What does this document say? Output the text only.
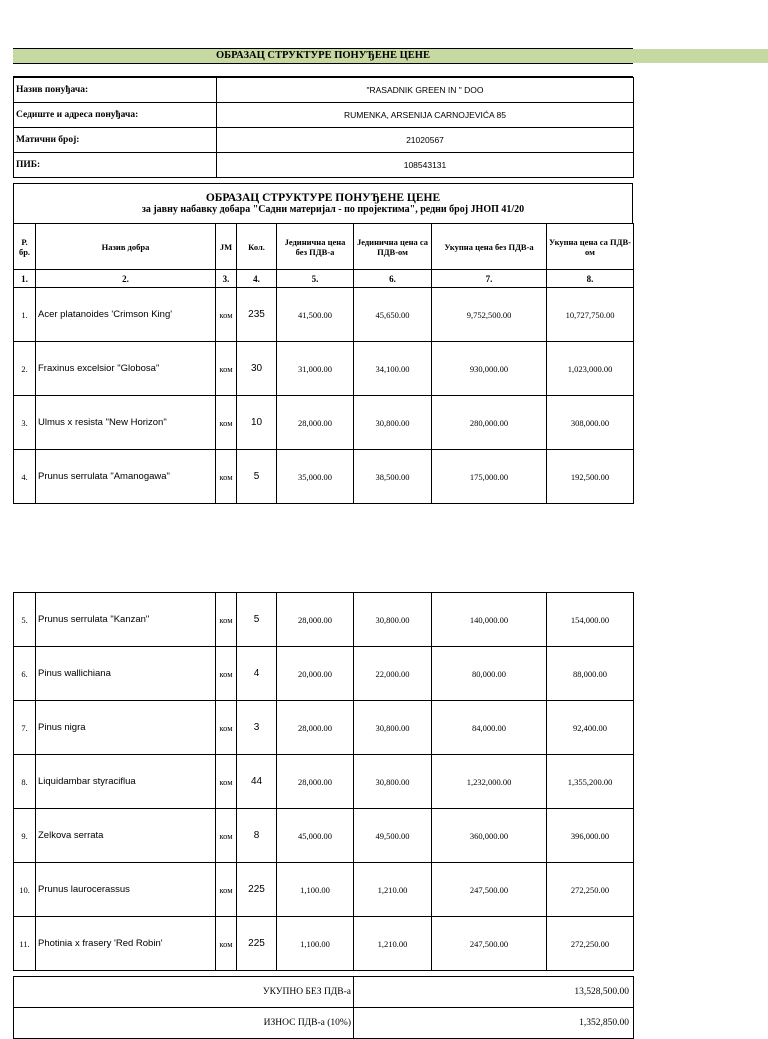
ОБРАЗАЦ СТРУКТУРЕ ПОНУЂЕНЕ ЦЕНЕ
Назив понуђача:	"RASADNIK GREEN IN " DOO
Седиште и адреса понуђача:	RUMENKA, ARSENIJA CARNOJEVIĆA 85
Матични број:	21020567
ПИБ:	108543131
ОБРАЗАЦ СТРУКТУРЕ ПОНУЂЕНЕ ЦЕНЕ
за јавну набавку добара "Садни материјал - по пројектима", редни број ЈНОП 41/20
Р. бр.	Назив добра	ЈМ	Кол.	Јединична цена без ПДВ-а	Јединична цена са ПДВ-ом	Укупна цена без ПДВ-а	Укупна цена са ПДВ-ом
1.	2.	3.	4.	5.	6.	7.	8.
1.	Acer platanoides 'Crimson King'	ком	235	41,500.00	45,650.00	9,752,500.00	10,727,750.00
2.	Fraxinus excelsior "Globosa"	ком	30	31,000.00	34,100.00	930,000.00	1,023,000.00
3.	Ulmus x resista "New Horizon"	ком	10	28,000.00	30,800.00	280,000.00	308,000.00
4.	Prunus serrulata "Amanogawa"	ком	5	35,000.00	38,500.00	175,000.00	192,500.00
5.	Prunus serrulata "Kanzan"	ком	5	28,000.00	30,800.00	140,000.00	154,000.00
6.	Pinus wallichiana	ком	4	20,000.00	22,000.00	80,000.00	88,000.00
7.	Pinus nigra	ком	3	28,000.00	30,800.00	84,000.00	92,400.00
8.	Liquidambar styraciflua	ком	44	28,000.00	30,800.00	1,232,000.00	1,355,200.00
9.	Zelkova serrata	ком	8	45,000.00	49,500.00	360,000.00	396,000.00
10.	Prunus laurocerassus	ком	225	1,100.00	1,210.00	247,500.00	272,250.00
11.	Photinia x frasery 'Red Robin'	ком	225	1,100.00	1,210.00	247,500.00	272,250.00
УКУПНО БЕЗ ПДВ-а	13,528,500.00
ИЗНОС ПДВ-а (10%)	1,352,850.00
